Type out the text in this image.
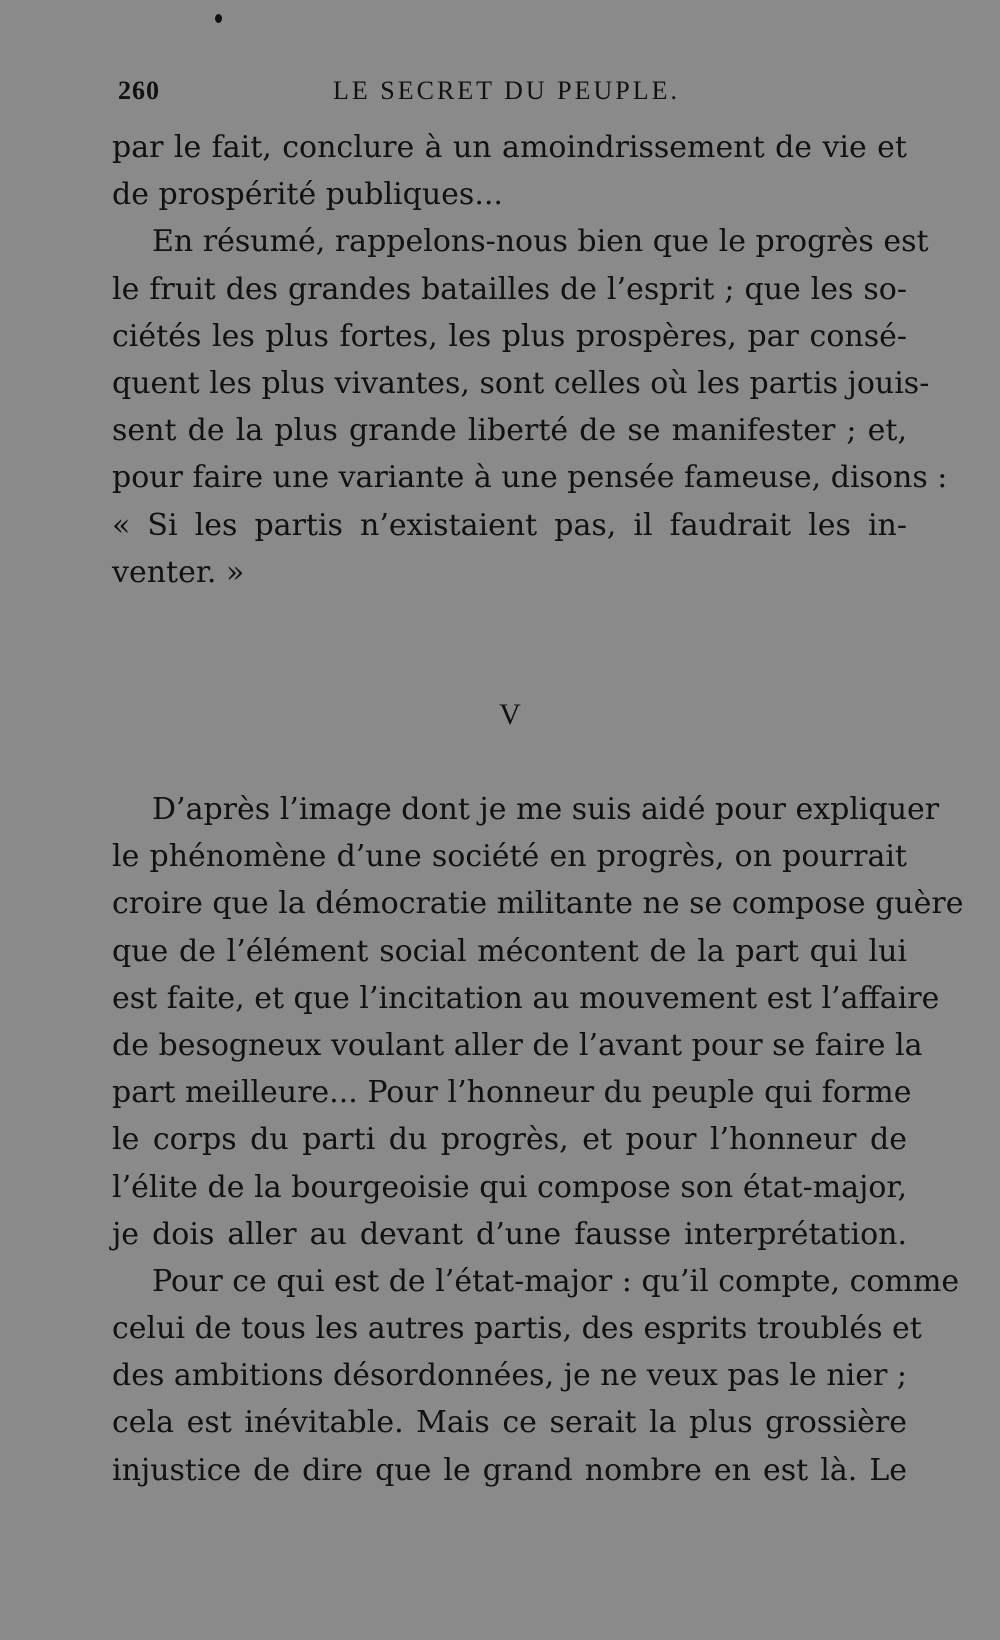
260	LE SECRET DU PEUPLE.
par le fait, conclure à un amoindrissement de vie et
de prospérité publiques...
En résumé, rappelons-nous bien que le progrès est
le fruit des grandes batailles de l’esprit ; que les so-
ciétés les plus fortes, les plus prospères, par consé-
quent les plus vivantes, sont celles où les partis jouis-
sent de la plus grande liberté de se manifester ; et,
pour faire une variante à une pensée fameuse, disons :
« Si les partis n’existaient pas, il faudrait les in-
venter. »
V
D’après l’image dont je me suis aidé pour expliquer
le phénomène d’une société en progrès, on pourrait
croire que la démocratie militante ne se compose guère
que de l’élément social mécontent de la part qui lui
est faite, et que l’incitation au mouvement est l’affaire
de besogneux voulant aller de l’avant pour se faire la
part meilleure... Pour l’honneur du peuple qui forme
le corps du parti du progrès, et pour l’honneur de
l’élite de la bourgeoisie qui compose son état-major,
je dois aller au devant d’une fausse interprétation.
Pour ce qui est de l’état-major : qu’il compte, comme
celui de tous les autres partis, des esprits troublés et
des ambitions désordonnées, je ne veux pas le nier ;
cela est inévitable. Mais ce serait la plus grossière
injustice de dire que le grand nombre en est là. Le
